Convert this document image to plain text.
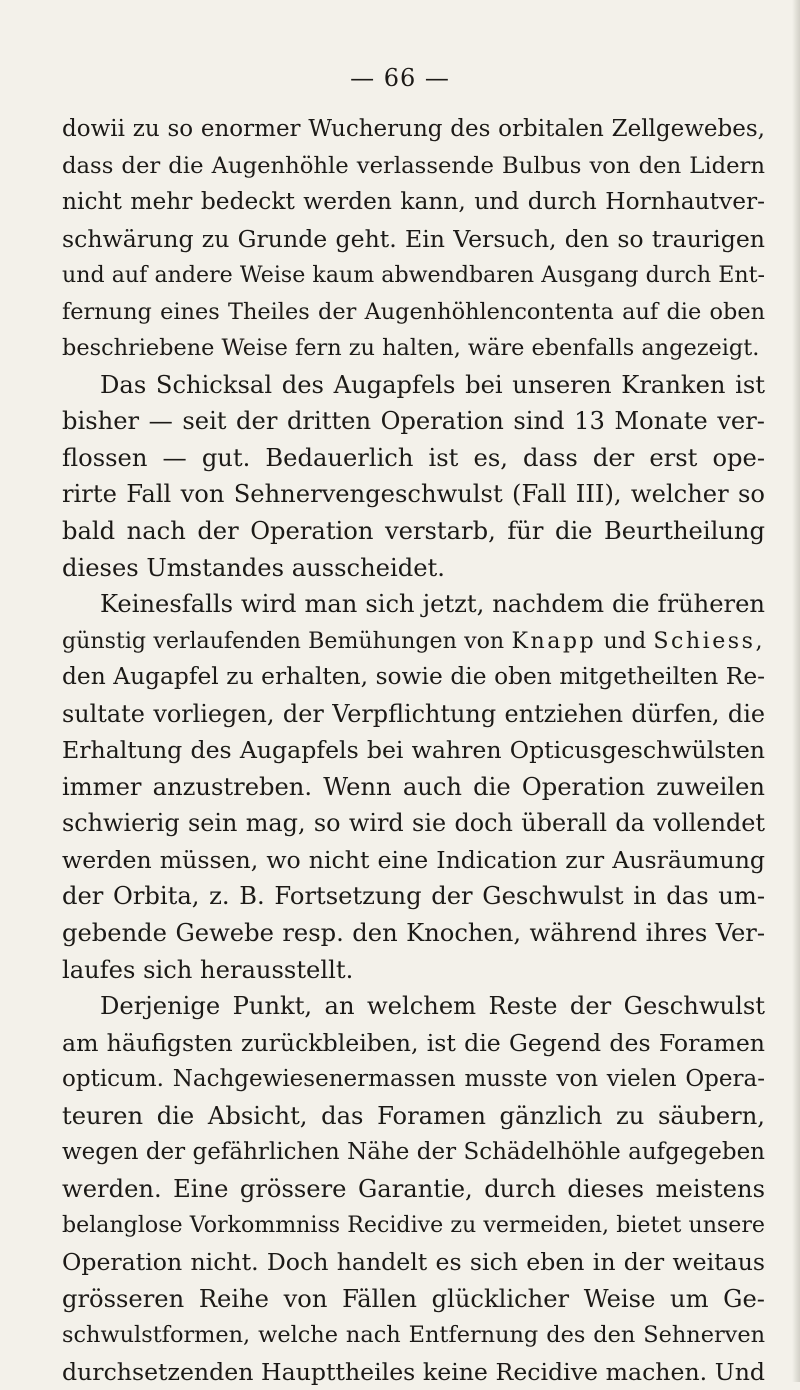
— 66 —
dowii zu so enormer Wucherung des orbitalen Zellgewebes,
dass der die Augenhöhle verlassende Bulbus von den Lidern
nicht mehr bedeckt werden kann, und durch Hornhautver-
schwärung zu Grunde geht. Ein Versuch, den so traurigen
und auf andere Weise kaum abwendbaren Ausgang durch Ent-
fernung eines Theiles der Augenhöhlencontenta auf die oben
beschriebene Weise fern zu halten, wäre ebenfalls angezeigt.
Das Schicksal des Augapfels bei unseren Kranken ist
bisher — seit der dritten Operation sind 13 Monate ver-
flossen — gut. Bedauerlich ist es, dass der erst ope-
rirte Fall von Sehnervengeschwulst (Fall III), welcher so
bald nach der Operation verstarb, für die Beurtheilung
dieses Umstandes ausscheidet.
Keinesfalls wird man sich jetzt, nachdem die früheren
günstig verlaufenden Bemühungen von Knapp und Schiess,
den Augapfel zu erhalten, sowie die oben mitgetheilten Re-
sultate vorliegen, der Verpflichtung entziehen dürfen, die
Erhaltung des Augapfels bei wahren Opticusgeschwülsten
immer anzustreben. Wenn auch die Operation zuweilen
schwierig sein mag, so wird sie doch überall da vollendet
werden müssen, wo nicht eine Indication zur Ausräumung
der Orbita, z. B. Fortsetzung der Geschwulst in das um-
gebende Gewebe resp. den Knochen, während ihres Ver-
laufes sich herausstellt.
Derjenige Punkt, an welchem Reste der Geschwulst
am häufigsten zurückbleiben, ist die Gegend des Foramen
opticum. Nachgewiesenermassen musste von vielen Opera-
teuren die Absicht, das Foramen gänzlich zu säubern,
wegen der gefährlichen Nähe der Schädelhöhle aufgegeben
werden. Eine grössere Garantie, durch dieses meistens
belanglose Vorkommniss Recidive zu vermeiden, bietet unsere
Operation nicht. Doch handelt es sich eben in der weitaus
grösseren Reihe von Fällen glücklicher Weise um Ge-
schwulstformen, welche nach Entfernung des den Sehnerven
durchsetzenden Haupttheiles keine Recidive machen. Und
